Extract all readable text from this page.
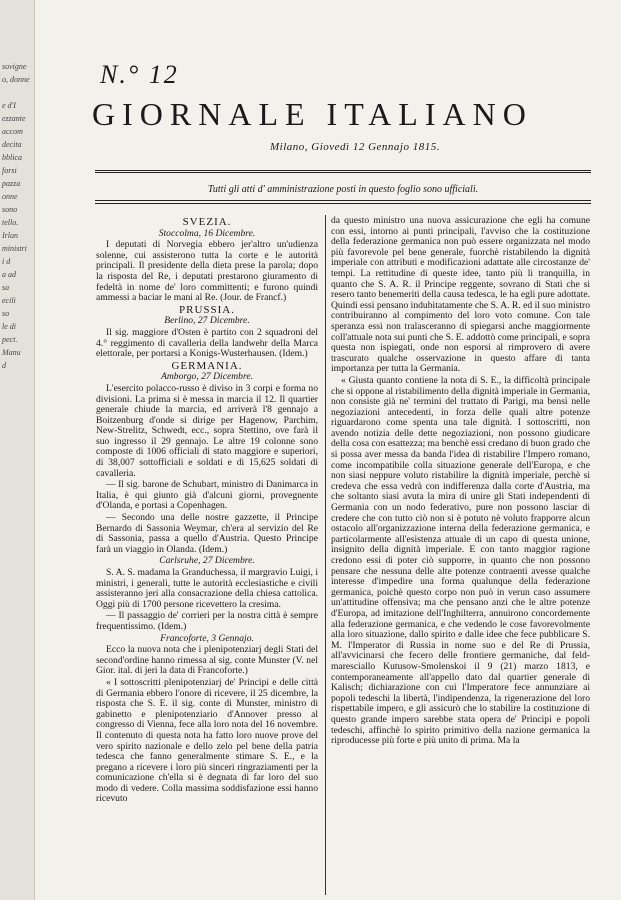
sovigne
o, donne
e d'I
ezzante
accom
decita
bblica
forsi
pazza
onne
sono
tello.
Irlan
ministri
i d
a ad
sa
ecili
so
le di
pect.
Manu
d
N.° 12
GIORNALE ITALIANO
Milano, Giovedì 12 Gennajo 1815.
Tutti gli atti d' amministrazione posti in questo foglio sono ufficiali.

SVEZIA.

Stoccolma, 16 Dicembre.

I deputati di Norvegia ebbero jer'altro un'udienza solenne, cui assisterono tutta la corte e le autorità principali. Il presidente della dieta prese la parola; dopo la risposta del Re, i deputati prestarono giuramento di fedeltà in nome de' loro committenti; e furono quindi ammessi a baciar le mani al Re. (Jour. de Francf.)

PRUSSIA.

Berlino, 27 Dicembre.

Il sig. maggiore d'Osten è partito con 2 squadroni del 4.° reggimento di cavalleria della landwehr della Marca elettorale, per portarsi a Konigs-Wusterhausen. (Idem.)

GERMANIA.

Amborgo, 27 Dicembre.

L'esercito polacco-russo è diviso in 3 corpi e forma no divisioni. La prima si è messa in marcia il 12. Il quartier generale chiude la marcia, ed arriverà l'8 gennajo a Boitzenburg d'onde si dirige per Hagenow, Parchim, New-Strelitz, Schwedt, ecc., sopra Stettino, ove farà il suo ingresso il 29 gennajo. Le altre 19 colonne sono composte di 1006 officiali di stato maggiore e superiori, di 38,007 sottofficiali e soldati e di 15,625 soldati di cavalleria.

— Il sig. barone de Schubart, ministro di Danimarca in Italia, è qui giunto già d'alcuni giorni, provegnente d'Olanda, e portasi a Copenhagen.

— Secondo una delle nostre gazzette, il Principe Bernardo di Sassonia Weymar, ch'era al servizio del Re di Sassonia, passa a quello d'Austria. Questo Principe farà un viaggio in Olanda. (Idem.)

Carlsruhe, 27 Dicembre.

S. A. S. madama la Granduchessa, il margravio Luigi, i ministri, i generali, tutte le autorità ecclesiastiche e civili assisteranno jeri alla consacrazione della chiesa cattolica. Oggi più di 1700 persone ricevettero la cresima.

— Il passaggio de' corrieri per la nostra città è sempre frequentissimo. (Idem.)

Francoforte, 3 Gennajo.

Ecco la nuova nota che i plenipotenziarj degli Stati del second'ordine hanno rimessa al sig. conte Munster (V. nel Gior. ital. di jeri la data di Francoforte.)

« I sottoscritti plenipotenziarj de' Principi e delle città di Germania ebbero l'onore di ricevere, il 25 dicembre, la risposta che S. E. il sig. conte di Munster, ministro di gabinetto e plenipotenziario d'Annover presso al congresso di Vienna, fece alla loro nota del 16 novembre. Il contenuto di questa nota ha fatto loro nuove prove del vero spirito nazionale e dello zelo pel bene della patria tedesca che fanno generalmente stimare S. E., e la pregano a ricevere i loro più sinceri ringraziamenti per la comunicazione ch'ella si è degnata di far loro del suo modo di vedere. Colla massima soddisfazione essi hanno ricevuto

da questo ministro una nuova assicurazione che egli ha comune con essi, intorno ai punti principali, l'avviso che la costituzione della federazione germanica non può essere organizzata nel modo più favorevole pel bene generale, fuorchè ristabilendo la dignità imperiale con attributi e modificazioni adattate alle circostanze de' tempi. La rettitudine di queste idee, tanto più li tranquilla, in quanto che S. A. R. il Principe reggente, sovrano di Stati che si resero tanto benemeriti della causa tedesca, le ha egli pure adottate. Quindi essi pensano indubitatamente che S. A. R. ed il suo ministro contribuiranno al compimento del loro voto comune. Con tale speranza essi non tralasceranno di spiegarsi anche maggiormente coll'attuale nota sui punti che S. E. addottò come principali, e sopra questa non ispiegati, onde non esporsi al rimprovero di avere trascurato qualche osservazione in questo affare di tanta importanza per tutta la Germania.

« Giusta quanto contiene la nota di S. E., la difficoltà principale che si oppone al ristabilimento della dignità imperiale in Germania, non consiste già ne' termini del trattato di Parigi, ma bensì nelle negoziazioni antecedenti, in forza delle quali altre potenze riguardarono come spenta una tale dignità. I sottoscritti, non avendo notizia delle dette negoziazioni, non possono giudicare della cosa con esattezza; ma benchè essi credano di buon grado che si possa aver messa da banda l'idea di ristabilire l'Impero romano, come incompatibile colla situazione generale dell'Europa, e che non siasi neppure voluto ristabilire la dignità imperiale, perchè si credeva che essa vedrà con indifferenza dalla corte d'Austria, ma che soltanto siasi avuta la mira di unire gli Stati independenti di Germania con un nodo federativo, pure non possono lasciar di credere che con tutto ciò non si è potuto nè voluto frapporre alcun ostacolo all'organizzazione interna della federazione germanica, e particolarmente all'esistenza attuale di un capo di questa unione, insignito della dignità imperiale. E con tanto maggior ragione credono essi di poter ciò supporre, in quanto che non possono pensare che nessuna delle alte potenze contraenti avesse qualche interesse d'impedire una forma qualunque della federazione germanica, poichè questo corpo non può in verun caso assumere un'attitudine offensiva; ma che pensano anzi che le altre potenze d'Europa, ad imitazione dell'Inghilterra, annuirono concordemente alla federazione germanica, e che vedendo le cose favorevolmente alla loro situazione, dallo spirito e dalle idee che fece pubblicare S. M. l'Imperator di Russia in nome suo e del Re di Prussia, all'avvicinarsi che fecero delle frontiere germaniche, dal feld-maresciallo Kutusow-Smolenskoi il 9 (21) marzo 1813, e contemporaneamente all'appello dato dal quartier generale di Kalisch; dichiarazione con cui l'Imperatore fece annunziare ai popoli tedeschi la libertà, l'indipendenza, la rigenerazione del loro rispettabile impero, e gli assicurò che lo stabilire la costituzione di questo grande impero sarebbe stata opera de' Principi e popoli tedeschi, affinchè lo spirito primitivo della nazione germanica la riproducesse più forte e più unito di prima. Ma la
